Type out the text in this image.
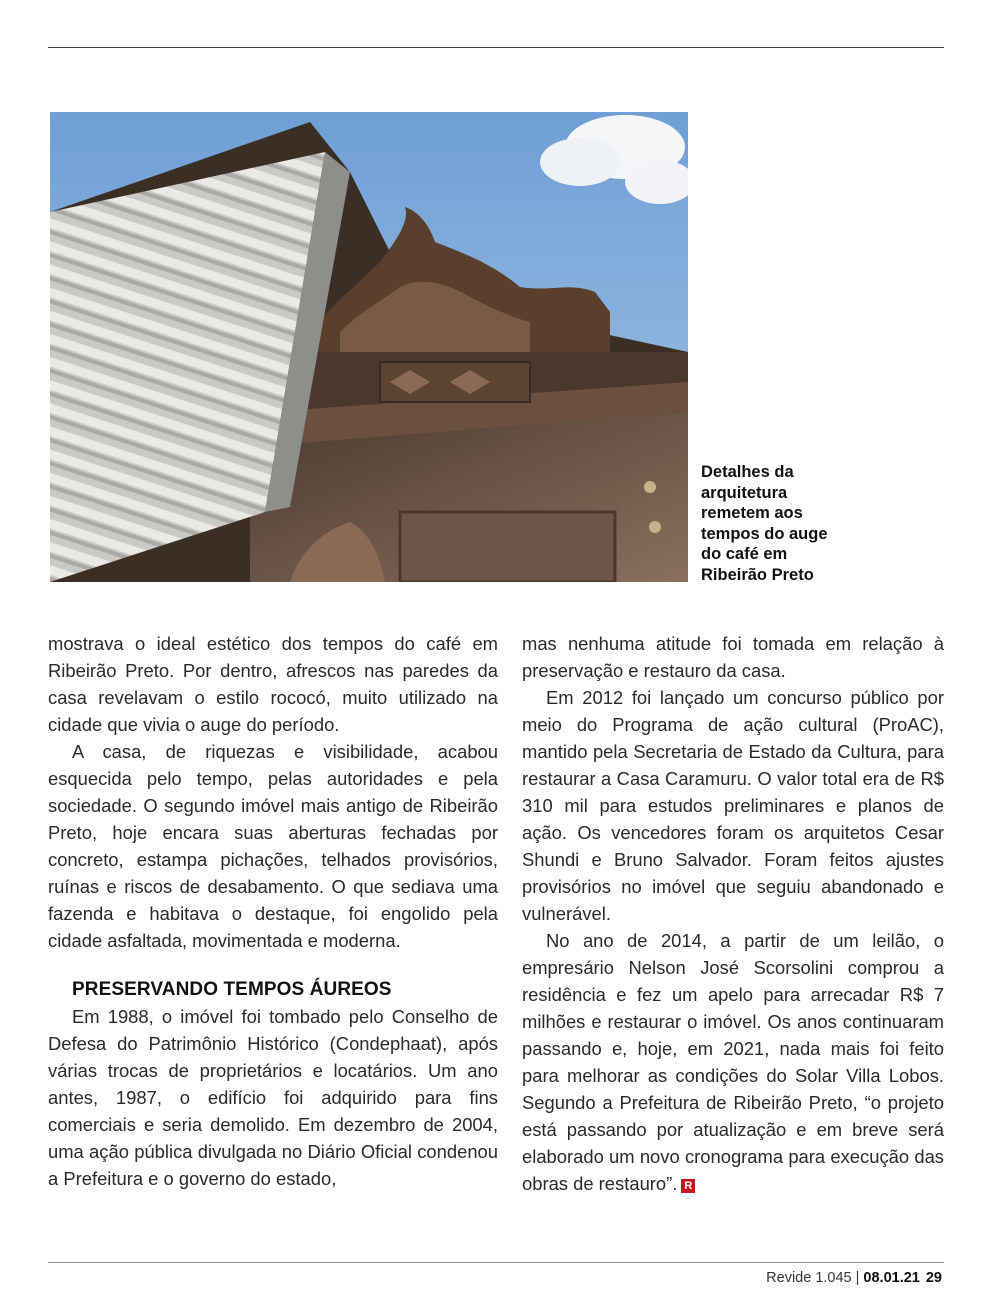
Detalhes da
arquitetura
remetem aos
tempos do auge
do café em
Ribeirão Preto

mostrava o ideal estético dos tempos do café em Ribeirão Preto. Por dentro, afrescos nas paredes da casa revelavam o estilo rococó, muito utilizado na cidade que vivia o auge do período.

A casa, de riquezas e visibilidade, acabou esquecida pelo tempo, pelas autoridades e pela sociedade. O segundo imóvel mais antigo de Ribeirão Preto, hoje encara suas aberturas fechadas por concreto, estampa pichações, telhados provisórios, ruínas e riscos de desabamento. O que sediava uma fazenda e habitava o destaque, foi engolido pela cidade asfaltada, movimentada e moderna.

PRESERVANDO TEMPOS ÁUREOS

Em 1988, o imóvel foi tombado pelo Conselho de Defesa do Patrimônio Histórico (Condephaat), após várias trocas de proprietários e locatários. Um ano antes, 1987, o edifício foi adquirido para fins comerciais e seria demolido. Em dezembro de 2004, uma ação pública divulgada no Diário Oficial condenou a Prefeitura e o governo do estado,

mas nenhuma atitude foi tomada em relação à preservação e restauro da casa.

Em 2012 foi lançado um concurso público por meio do Programa de ação cultural (ProAC), mantido pela Secretaria de Estado da Cultura, para restaurar a Casa Caramuru. O valor total era de R$ 310 mil para estudos preliminares e planos de ação. Os vencedores foram os arquitetos Cesar Shundi e Bruno Salvador. Foram feitos ajustes provisórios no imóvel que seguiu abandonado e vulnerável.

No ano de 2014, a partir de um leilão, o empresário Nelson José Scorsolini comprou a residência e fez um apelo para arrecadar R$ 7 milhões e restaurar o imóvel. Os anos continuaram passando e, hoje, em 2021, nada mais foi feito para melhorar as condições do Solar Villa Lobos. Segundo a Prefeitura de Ribeirão Preto, “o projeto está passando por atualização e em breve será elaborado um novo cronograma para execução das obras de restauro”. R

Revide 1.045 | 08.01.21 29
